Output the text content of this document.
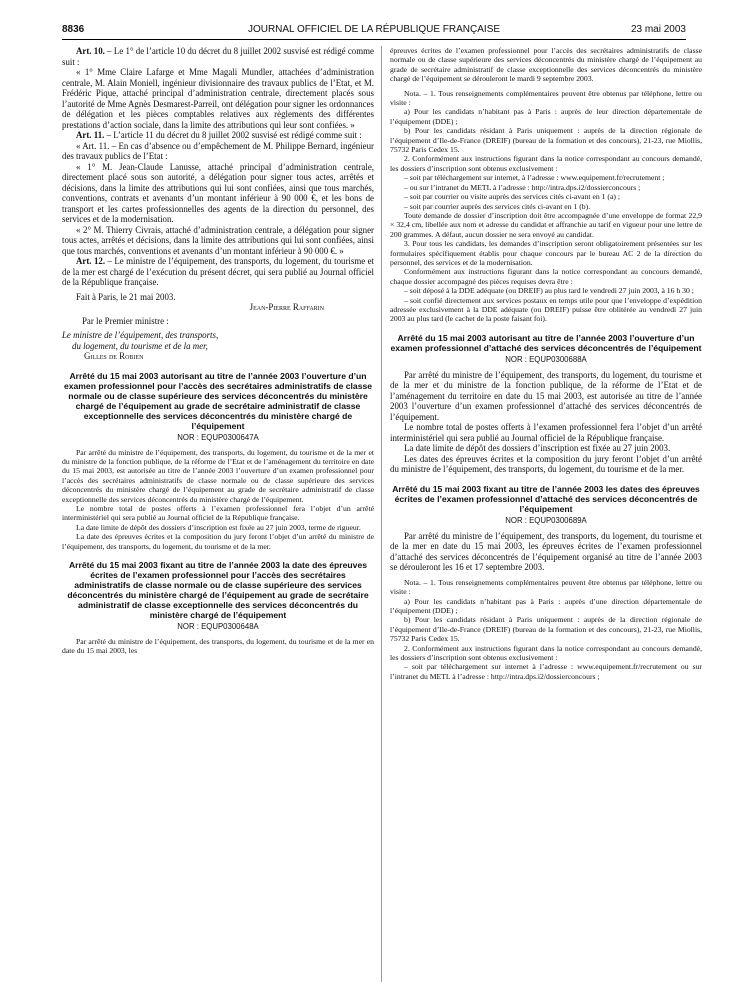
8836	JOURNAL OFFICIEL DE LA RÉPUBLIQUE FRANÇAISE	23 mai 2003

Art. 10. – Le 1° de l’article 10 du décret du 8 juillet 2002 susvisé est rédigé comme suit :

« 1° Mme Claire Lafarge et Mme Magali Mundler, attachées d’administration centrale, M. Alain Moniell, ingénieur divisionnaire des travaux publics de l’Etat, et M. Frédéric Pique, attaché principal d’administration centrale, directement placés sous l’autorité de Mme Agnès Desmarest-Parreil, ont délégation pour signer les ordonnances de délégation et les pièces comptables relatives aux règlements des différentes prestations d’action sociale, dans la limite des attributions qui leur sont confiées. »

Art. 11. – L’article 11 du décret du 8 juillet 2002 susvisé est rédigé comme suit :

« Art. 11. – En cas d’absence ou d’empêchement de M. Philippe Bernard, ingénieur des travaux publics de l’Etat :

« 1° M. Jean-Claude Lanusse, attaché principal d’administration centrale, directement placé sous son autorité, a délégation pour signer tous actes, arrêtés et décisions, dans la limite des attributions qui lui sont confiées, ainsi que tous marchés, conventions, contrats et avenants d’un montant inférieur à 90 000 €, et les bons de transport et les cartes professionnelles des agents de la direction du personnel, des services et de la modernisation.

« 2° M. Thierry Civrais, attaché d’administration centrale, a délégation pour signer tous actes, arrêtés et décisions, dans la limite des attributions qui lui sont confiées, ainsi que tous marchés, conventions et avenants d’un montant inférieur à 90 000 €. »

Art. 12. – Le ministre de l’équipement, des transports, du logement, du tourisme et de la mer est chargé de l’exécution du présent décret, qui sera publié au Journal officiel de la République française.

Fait à Paris, le 21 mai 2003.

Jean-Pierre Raffarin

Par le Premier ministre :

Le ministre de l’équipement, des transports,

du logement, du tourisme et de la mer,

Gilles de Robien

Arrêté du 15 mai 2003 autorisant au titre de l’année 2003 l’ouverture d’un examen professionnel pour l’accès des secrétaires administratifs de classe normale ou de classe supérieure des services déconcentrés du ministère chargé de l’équipement au grade de secrétaire administratif de classe exceptionnelle des services déconcentrés du ministère chargé de l’équipement
NOR : EQUP0300647A

Par arrêté du ministre de l’équipement, des transports, du logement, du tourisme et de la mer et du ministre de la fonction publique, de la réforme de l’Etat et de l’aménagement du territoire en date du 15 mai 2003, est autorisée au titre de l’année 2003 l’ouverture d’un examen professionnel pour l’accès des secrétaires administratifs de classe normale ou de classe supérieure des services déconcentrés du ministère chargé de l’équipement au grade de secrétaire administratif de classe exceptionnelle des services déconcentrés du ministère chargé de l’équipement.

Le nombre total de postes offerts à l’examen professionnel fera l’objet d’un arrêté interministériel qui sera publié au Journal officiel de la République française.

La date limite de dépôt des dossiers d’inscription est fixée au 27 juin 2003, terme de rigueur.

La date des épreuves écrites et la composition du jury feront l’objet d’un arrêté du ministre de l’équipement, des transports, du logement, du tourisme et de la mer.

Arrêté du 15 mai 2003 fixant au titre de l’année 2003 la date des épreuves écrites de l’examen professionnel pour l’accès des secrétaires administratifs de classe normale ou de classe supérieure des services déconcentrés du ministère chargé de l’équipement au grade de secrétaire administratif de classe exceptionnelle des services déconcentrés du ministère chargé de l’équipement
NOR : EQUP0300648A

Par arrêté du ministre de l’équipement, des transports, du logement, du tourisme et de la mer en date du 15 mai 2003, les

épreuves écrites de l’examen professionnel pour l’accès des secrétaires administratifs de classe normale ou de classe supérieure des services déconcentrés du ministère chargé de l’équipement au grade de secrétaire administratif de classe exceptionnelle des services déconcentrés du ministère chargé de l’équipement se dérouleront le mardi 9 septembre 2003.

Nota. – 1. Tous renseignements complémentaires peuvent être obtenus par téléphone, lettre ou visite :

a) Pour les candidats n’habitant pas à Paris : auprès de leur direction départementale de l’équipement (DDE) ;

b) Pour les candidats résidant à Paris uniquement : auprès de la direction régionale de l’équipement d’Ile-de-France (DREIF) (bureau de la formation et des concours), 21-23, rue Miollis, 75732 Paris Cedex 15.

2. Conformément aux instructions figurant dans la notice correspondant au concours demandé, les dossiers d’inscription sont obtenus exclusivement :

– soit par téléchargement sur internet, à l’adresse : www.equipement.fr/recrutement ;

– ou sur l’intranet du METL à l’adresse : http://intra.dps.i2/dossierconcours ;

– soit par courrier ou visite auprès des services cités ci-avant en 1 (a) ;

– soit par courrier auprès des services cités ci-avant en 1 (b).

Toute demande de dossier d’inscription doit être accompagnée d’une enveloppe de format 22,9 × 32,4 cm, libellée aux nom et adresse du candidat et affranchie au tarif en vigueur pour une lettre de 200 grammes. A défaut, aucun dossier ne sera envoyé au candidat.

3. Pour tous les candidats, les demandes d’inscription seront obligatoirement présentées sur les formulaires spécifiquement établis pour chaque concours par le bureau AC 2 de la direction du personnel, des services et de la modernisation.

Conformément aux instructions figurant dans la notice correspondant au concours demandé, chaque dossier accompagné des pièces requises devra être :

– soit déposé à la DDE adéquate (ou DREIF) au plus tard le vendredi 27 juin 2003, à 16 h 30 ;

– soit confié directement aux services postaux en temps utile pour que l’enveloppe d’expédition adressée exclusivement à la DDE adéquate (ou DREIF) puisse être oblitérée au vendredi 27 juin 2003 au plus tard (le cachet de la poste faisant foi).

Arrêté du 15 mai 2003 autorisant au titre de l’année 2003 l’ouverture d’un examen professionnel d’attaché des services déconcentrés de l’équipement
NOR : EQUP0300688A

Par arrêté du ministre de l’équipement, des transports, du logement, du tourisme et de la mer et du ministre de la fonction publique, de la réforme de l’Etat et de l’aménagement du territoire en date du 15 mai 2003, est autorisée au titre de l’année 2003 l’ouverture d’un examen professionnel d’attaché des services déconcentrés de l’équipement.

Le nombre total de postes offerts à l’examen professionnel fera l’objet d’un arrêté interministériel qui sera publié au Journal officiel de la République française.

La date limite de dépôt des dossiers d’inscription est fixée au 27 juin 2003.

Les dates des épreuves écrites et la composition du jury feront l’objet d’un arrêté du ministre de l’équipement, des transports, du logement, du tourisme et de la mer.

Arrêté du 15 mai 2003 fixant au titre de l’année 2003 les dates des épreuves écrites de l’examen professionnel d’attaché des services déconcentrés de l’équipement
NOR : EQUP0300689A

Par arrêté du ministre de l’équipement, des transports, du logement, du tourisme et de la mer en date du 15 mai 2003, les épreuves écrites de l’examen professionnel d’attaché des services déconcentrés de l’équipement organisé au titre de l’année 2003 se dérouleront les 16 et 17 septembre 2003.

Nota. – 1. Tous renseignements complémentaires peuvent être obtenus par téléphone, lettre ou visite :

a) Pour les candidats n’habitant pas à Paris : auprès d’une direction départementale de l’équipement (DDE) ;

b) Pour les candidats résidant à Paris uniquement : auprès de la direction régionale de l’équipement d’Ile-de-France (DREIF) (bureau de la formation et des concours), 21-23, rue Miollis, 75732 Paris Cedex 15.

2. Conformément aux instructions figurant dans la notice correspondant au concours demandé, les dossiers d’inscription sont obtenus exclusivement :

– soit par téléchargement sur internet à l’adresse : www.equipement.fr/recrutement ou sur l’intranet du METL à l’adresse : http://intra.dps.i2/dossierconcours ;
